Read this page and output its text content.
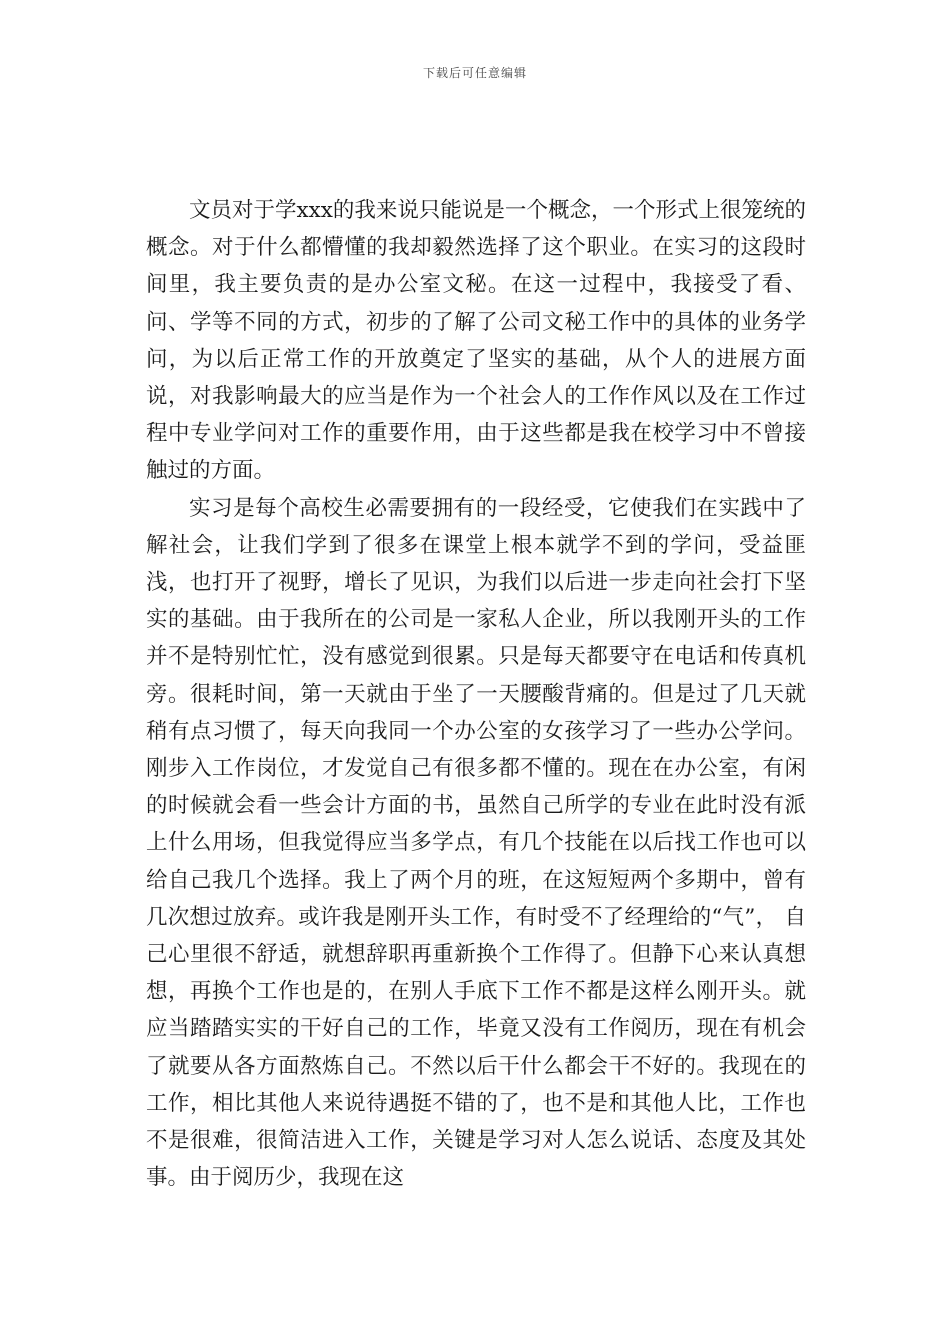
下载后可任意编辑

文员对于学xxx的我来说只能说是一个概念，一个形式上很笼统的概念。对于什么都懵懂的我却毅然选择了这个职业。在实习的这段时间里，我主要负责的是办公室文秘。在这一过程中，我接受了看、问、学等不同的方式，初步的了解了公司文秘工作中的具体的业务学问，为以后正常工作的开放奠定了坚实的基础，从个人的进展方面说，对我影响最大的应当是作为一个社会人的工作作风以及在工作过程中专业学问对工作的重要作用，由于这些都是我在校学习中不曾接触过的方面。

实习是每个高校生必需要拥有的一段经受，它使我们在实践中了解社会，让我们学到了很多在课堂上根本就学不到的学问，受益匪浅，也打开了视野，增长了见识，为我们以后进一步走向社会打下坚实的基础。由于我所在的公司是一家私人企业，所以我刚开头的工作并不是特别忙忙，没有感觉到很累。只是每天都要守在电话和传真机旁。很耗时间，第一天就由于坐了一天腰酸背痛的。但是过了几天就稍有点习惯了，每天向我同一个办公室的女孩学习了一些办公学问。刚步入工作岗位，才发觉自己有很多都不懂的。现在在办公室，有闲的时候就会看一些会计方面的书，虽然自己所学的专业在此时没有派上什么用场，但我觉得应当多学点，有几个技能在以后找工作也可以给自己我几个选择。我上了两个月的班，在这短短两个多期中，曾有几次想过放弃。或许我是刚开头工作，有时受不了经理给的“气”， 自己心里很不舒适，就想辞职再重新换个工作得了。但静下心来认真想想，再换个工作也是的，在别人手底下工作不都是这样么刚开头。就应当踏踏实实的干好自己的工作，毕竟又没有工作阅历，现在有机会了就要从各方面熬炼自己。不然以后干什么都会干不好的。我现在的工作，相比其他人来说待遇挺不错的了，也不是和其他人比，工作也不是很难，很简洁进入工作，关键是学习对人怎么说话、态度及其处事。由于阅历少，我现在这
